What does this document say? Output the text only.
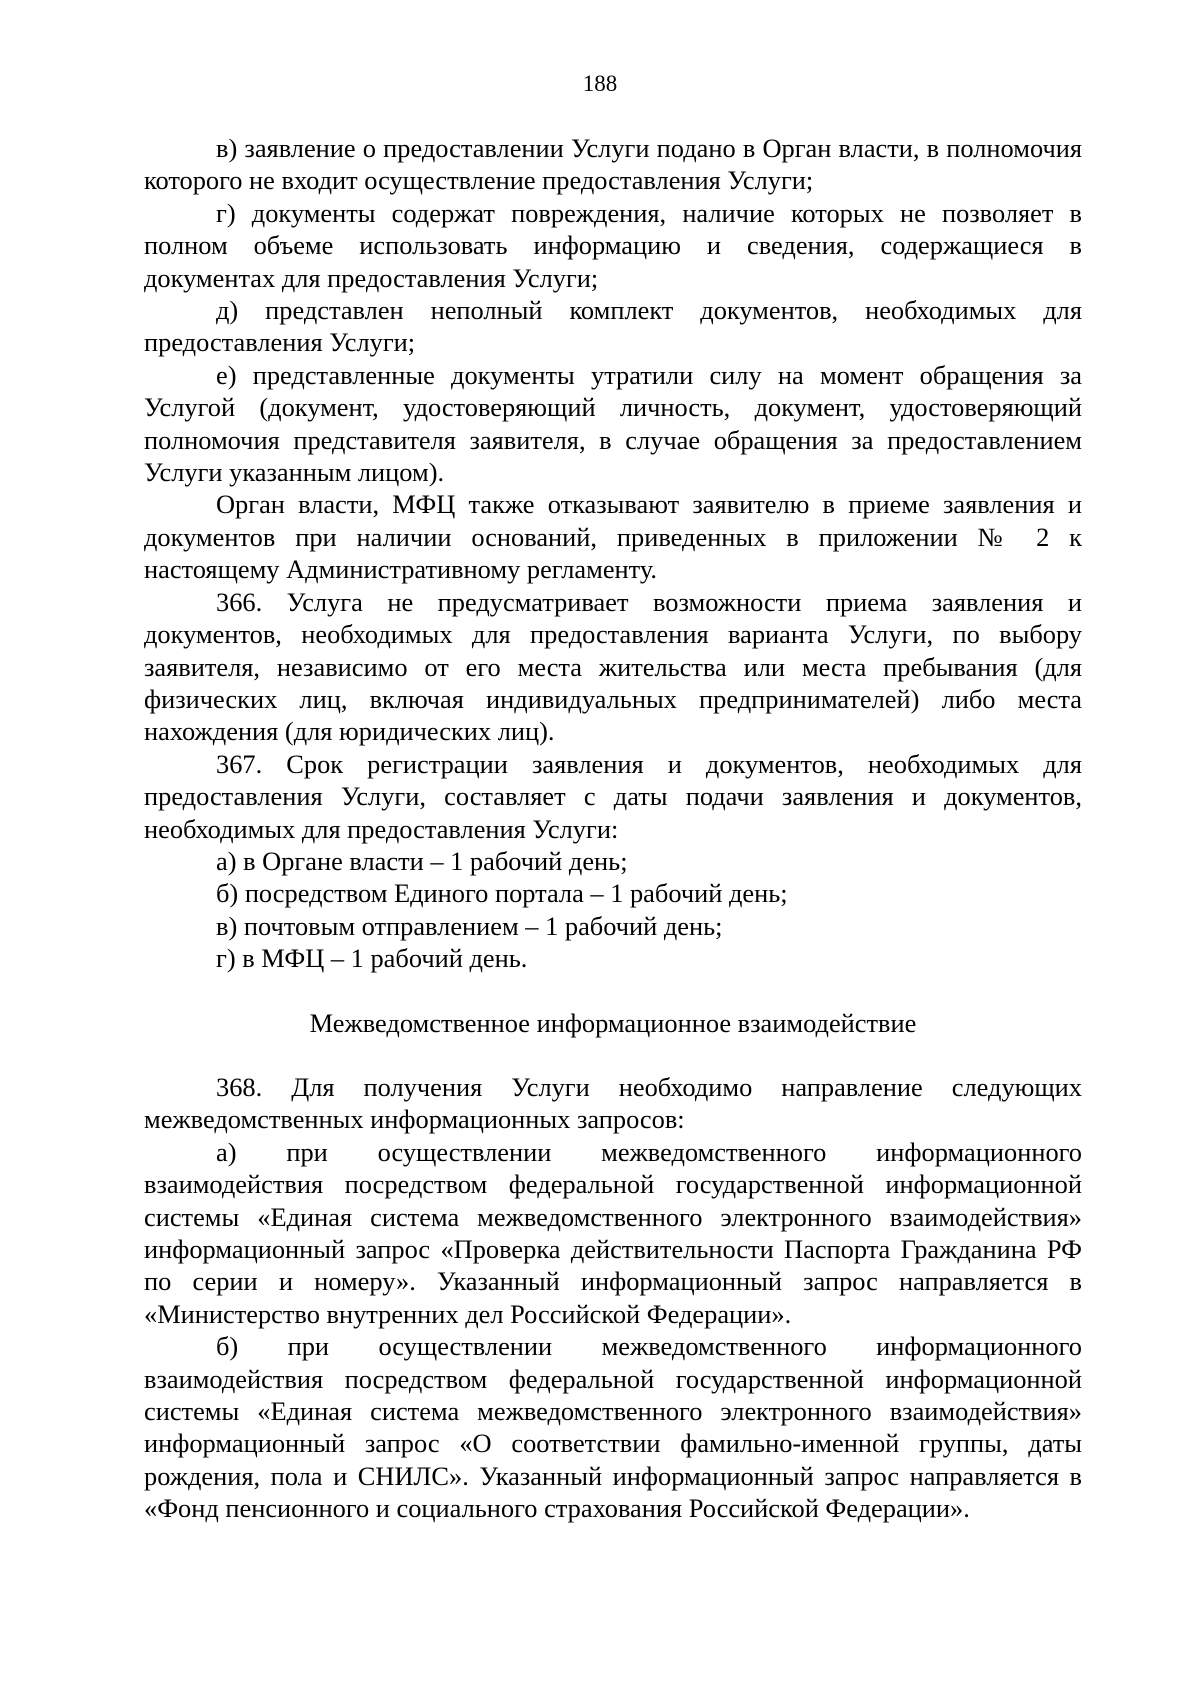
188

в) заявление о предоставлении Услуги подано в Орган власти, в полномочия которого не входит осуществление предоставления Услуги;

г) документы содержат повреждения, наличие которых не позволяет в полном объеме использовать информацию и сведения, содержащиеся в документах для предоставления Услуги;

д) представлен неполный комплект документов, необходимых для предоставления Услуги;

е) представленные документы утратили силу на момент обращения за Услугой (документ, удостоверяющий личность, документ, удостоверяющий полномочия представителя заявителя, в случае обращения за предоставлением Услуги указанным лицом).

Орган власти, МФЦ также отказывают заявителю в приеме заявления и документов при наличии оснований, приведенных в приложении № 2 к настоящему Административному регламенту.

366. Услуга не предусматривает возможности приема заявления и документов, необходимых для предоставления варианта Услуги, по выбору заявителя, независимо от его места жительства или места пребывания (для физических лиц, включая индивидуальных предпринимателей) либо места нахождения (для юридических лиц).

367. Срок регистрации заявления и документов, необходимых для предоставления Услуги, составляет с даты подачи заявления и документов, необходимых для предоставления Услуги:

а) в Органе власти – 1 рабочий день;

б) посредством Единого портала – 1 рабочий день;

в) почтовым отправлением – 1 рабочий день;

г) в МФЦ – 1 рабочий день.

Межведомственное информационное взаимодействие

368. Для получения Услуги необходимо направление следующих межведомственных информационных запросов:

а) при осуществлении межведомственного информационного взаимодействия посредством федеральной государственной информационной системы «Единая система межведомственного электронного взаимодействия» информационный запрос «Проверка действительности Паспорта Гражданина РФ по серии и номеру». Указанный информационный запрос направляется в «Министерство внутренних дел Российской Федерации».

б) при осуществлении межведомственного информационного взаимодействия посредством федеральной государственной информационной системы «Единая система межведомственного электронного взаимодействия» информационный запрос «О соответствии фамильно-именной группы, даты рождения, пола и СНИЛС». Указанный информационный запрос направляется в «Фонд пенсионного и социального страхования Российской Федерации».
